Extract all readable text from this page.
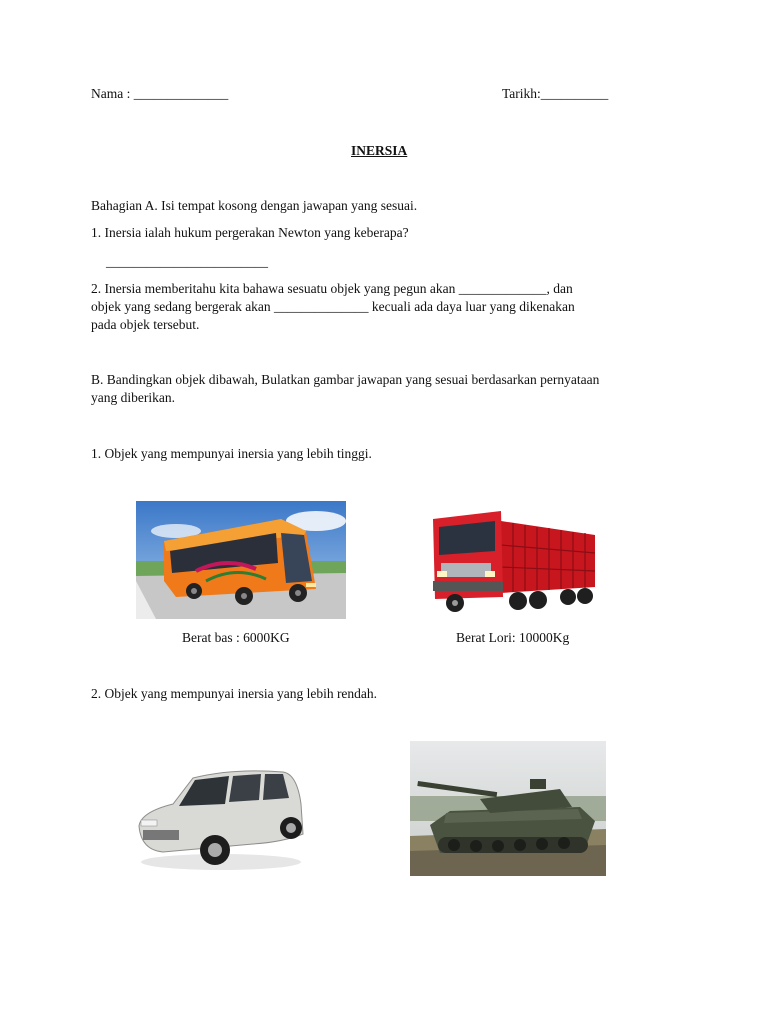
Nama : ______________	Tarikh:__________
INERSIA
Bahagian A. Isi tempat kosong dengan jawapan yang sesuai.
1. Inersia ialah hukum pergerakan Newton yang keberapa?
________________________
2. Inersia memberitahu kita bahawa sesuatu objek yang pegun akan _____________, dan
objek yang sedang bergerak akan ______________ kecuali ada daya luar yang dikenakan
pada objek tersebut.
B. Bandingkan objek dibawah, Bulatkan gambar jawapan yang sesuai berdasarkan pernyataan
yang diberikan.
1. Objek yang mempunyai inersia yang lebih tinggi.
Berat bas : 6000KG	Berat Lori: 10000Kg
2. Objek yang mempunyai inersia yang lebih rendah.
